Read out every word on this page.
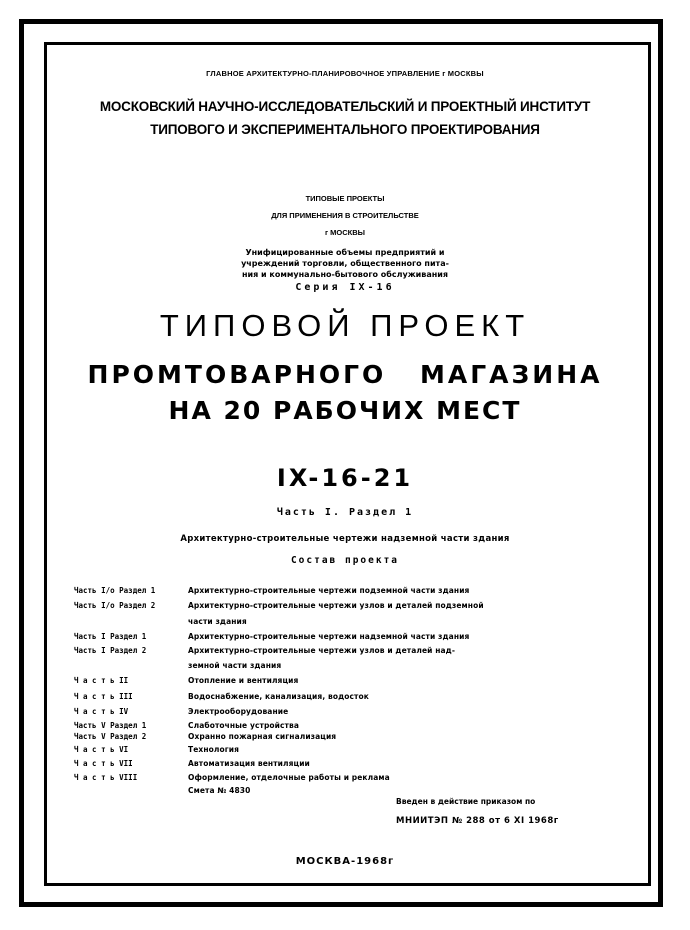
ГЛАВНОЕ АРХИТЕКТУРНО-ПЛАНИРОВОЧНОЕ УПРАВЛЕНИЕ г МОСКВЫ
МОСКОВСКИЙ НАУЧНО-ИССЛЕДОВАТЕЛЬСКИЙ И ПРОЕКТНЫЙ ИНСТИТУТ
ТИПОВОГО И ЭКСПЕРИМЕНТАЛЬНОГО ПРОЕКТИРОВАНИЯ
ТИПОВЫЕ ПРОЕКТЫ
ДЛЯ ПРИМЕНЕНИЯ В СТРОИТЕЛЬСТВЕ
г МОСКВЫ
Унифицированные объемы предприятий и
учреждений торговли, общественного пита-
ния и коммунально-бытового обслуживания
Серия IX-16
ТИПОВОЙ ПРОЕКТ
ПРОМТОВАРНОГО МАГАЗИНА
НА 20 РАБОЧИХ МЕСТ
IX-16-21
Часть I. Раздел 1
Архитектурно-строительные чертежи надземной части здания
Состав проекта
Часть I/о Раздел 1	Архитектурно-строительные чертежи подземной части здания
Часть I/о Раздел 2	Архитектурно-строительные чертежи узлов и деталей подземной
части здания
Часть I Раздел 1	Архитектурно-строительные чертежи надземной части здания
Часть I Раздел 2	Архитектурно-строительные чертежи узлов и деталей над-
земной части здания
Ч а с т ь II	Отопление и вентиляция
Ч а с т ь III	Водоснабжение, канализация, водосток
Ч а с т ь IV	Электрооборудование
Часть V Раздел 1	Слаботочные устройства
Часть V Раздел 2	Охранно пожарная сигнализация
Ч а с т ь VI	Технология
Ч а с т ь VII	Автоматизация вентиляции
Ч а с т ь VIII	Оформление, отделочные работы и реклама
Смета № 4830
Введен в действие приказом по
МНИИТЭП № 288 от 6 XI 1968г
МОСКВА-1968г
